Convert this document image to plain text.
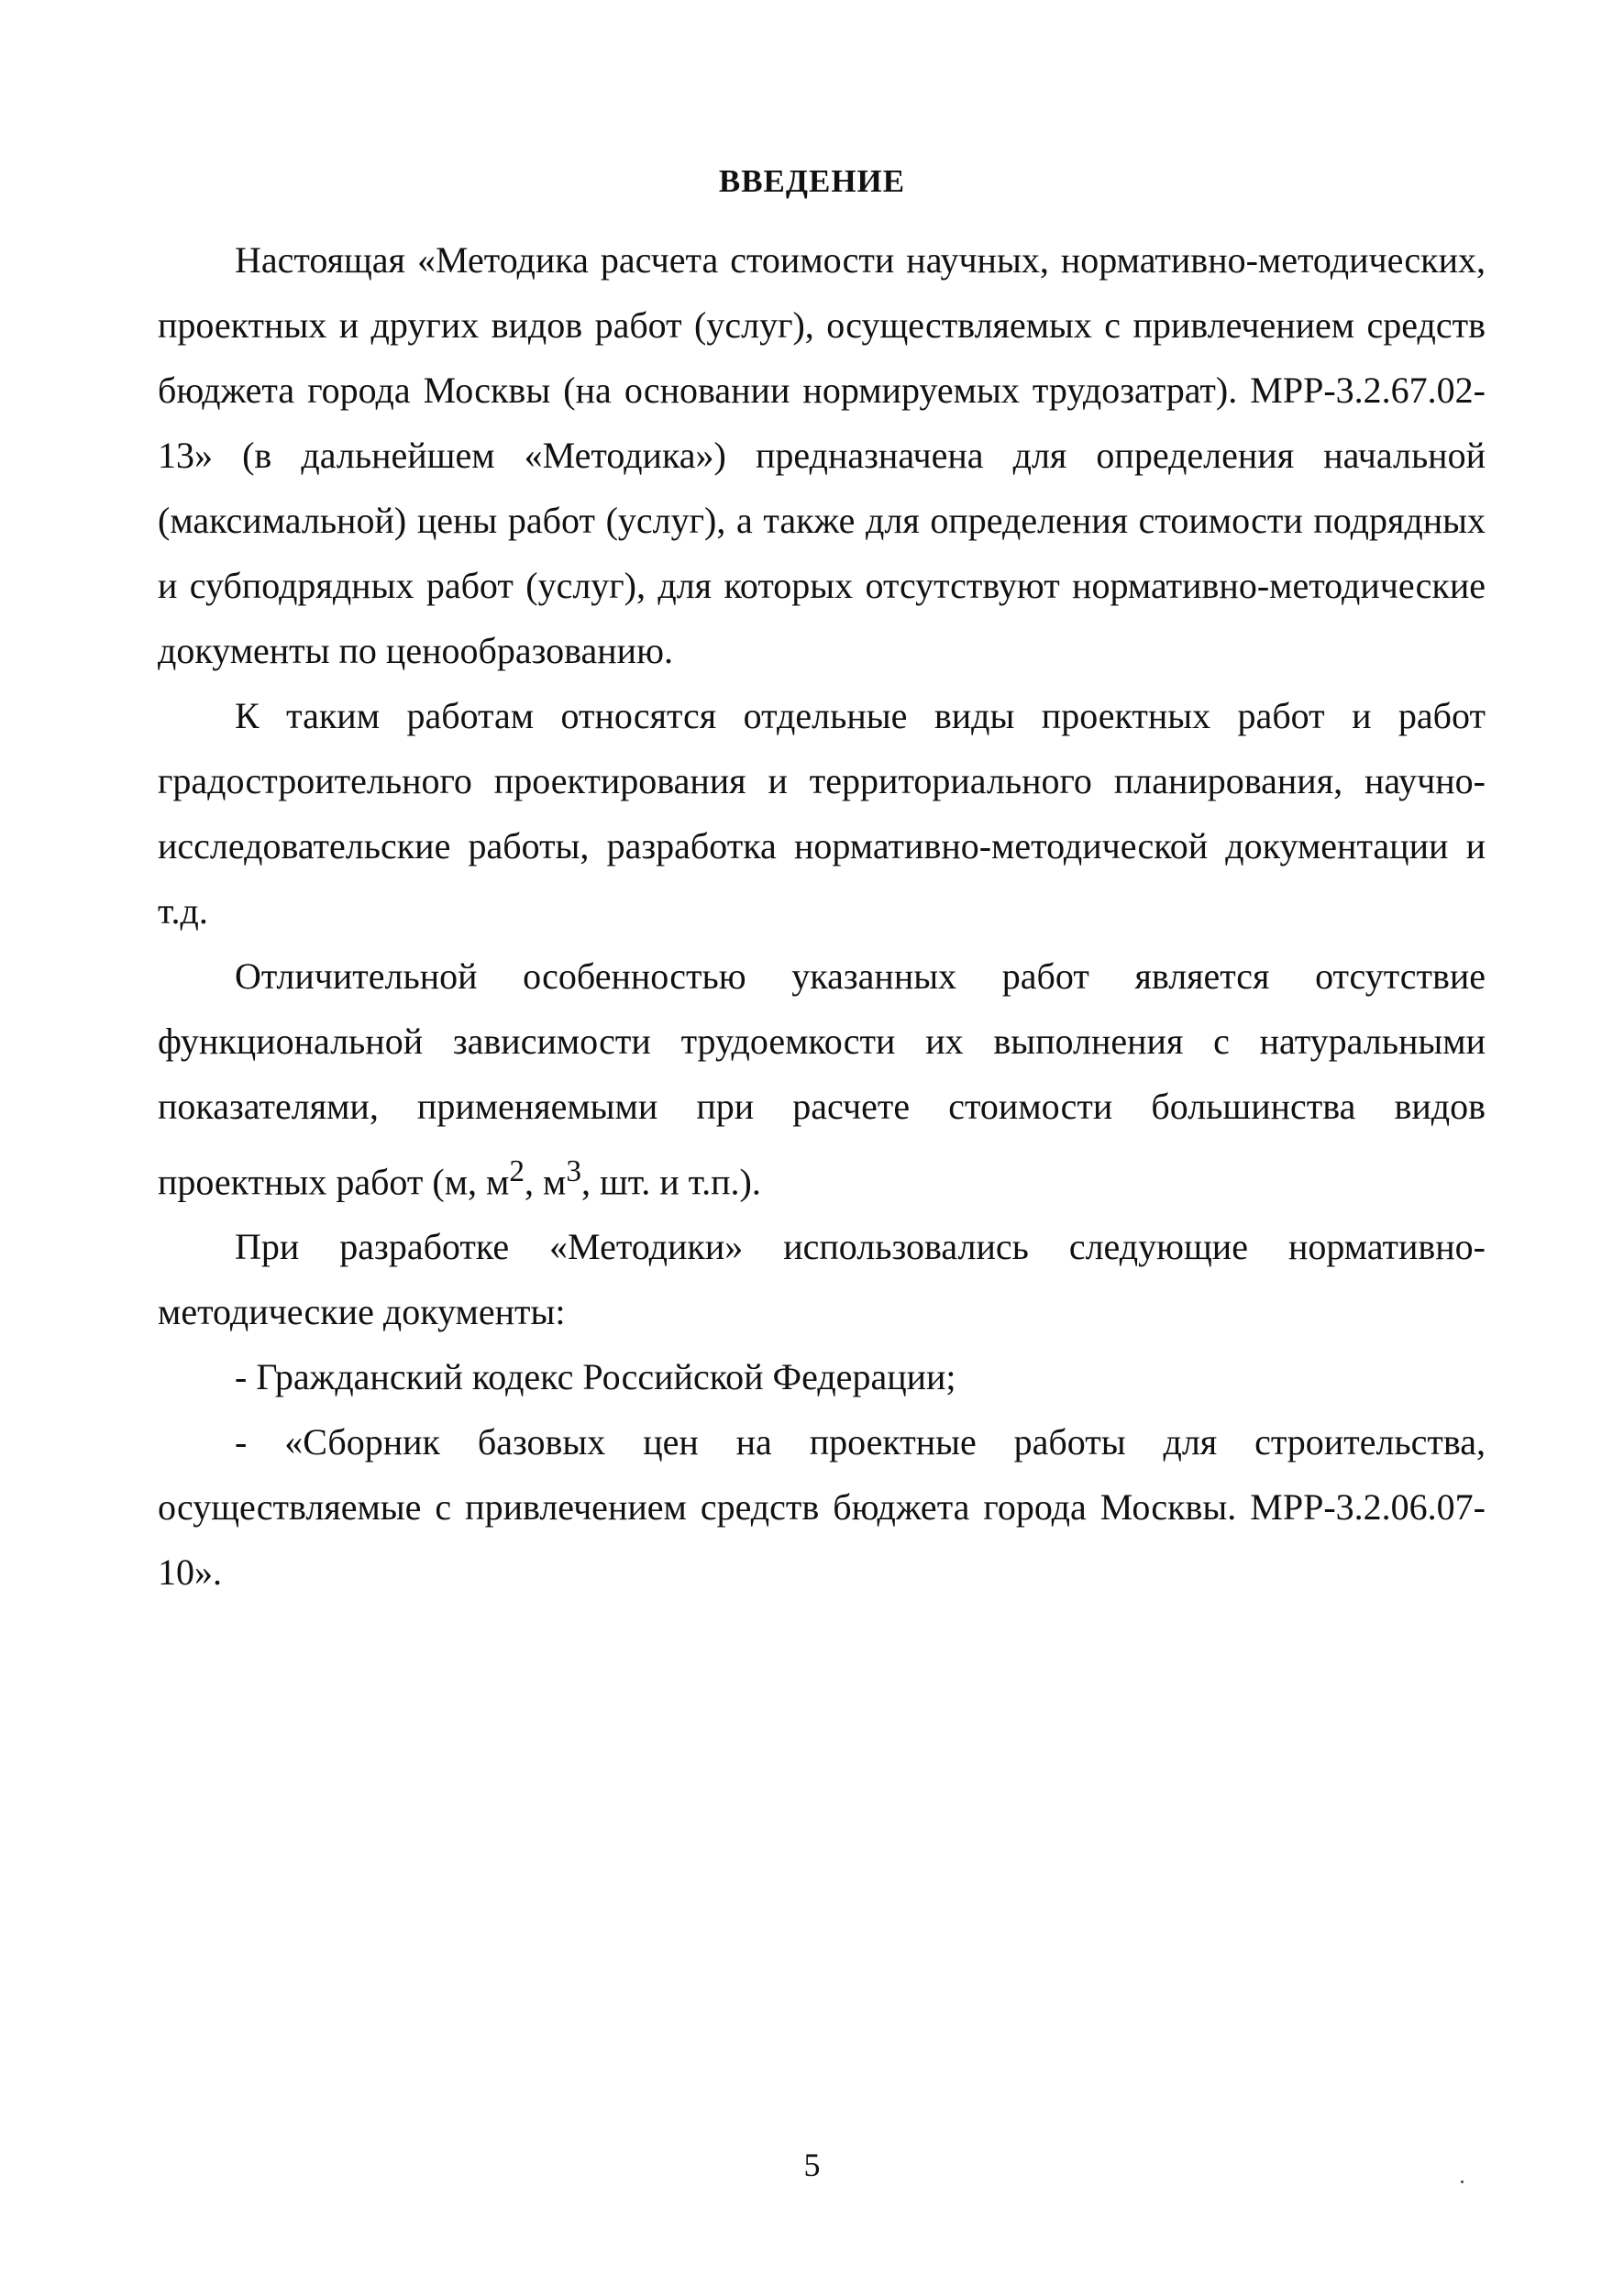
ВВЕДЕНИЕ

Настоящая «Методика расчета стоимости научных, нормативно-методических, проектных и других видов работ (услуг), осуществляемых с привлечением средств бюджета города Москвы (на основании нормируемых трудозатрат). МРР-3.2.67.02-13» (в дальнейшем «Методика») предназначена для определения начальной (максимальной) цены работ (услуг), а также для определения стоимости подрядных и субподрядных работ (услуг), для которых отсутствуют нормативно-методические документы по ценообразованию.

К таким работам относятся отдельные виды проектных работ и работ градостроительного проектирования и территориального планирования, научно-исследовательские работы, разработка нормативно-методической документации и т.д.

Отличительной особенностью указанных работ является отсутствие функциональной зависимости трудоемкости их выполнения с натуральными показателями, применяемыми при расчете стоимости большинства видов проектных работ (м, $м^2$, $м^3$, шт. и т.п.).

При разработке «Методики» использовались следующие нормативно-методические документы:

- Гражданский кодекс Российской Федерации;

- «Сборник базовых цен на проектные работы для строительства, осуществляемые с привлечением средств бюджета города Москвы. МРР-3.2.06.07-10».

5
